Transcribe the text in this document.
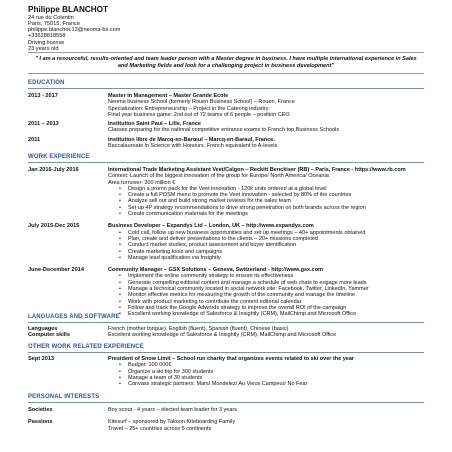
Philippe BLANCHOT
24 rue du Colentin
Paris, 75015, France
philippe.blanchot.13@neoma-bs.com
+33628818558
Driving license
23 years old
" I am a resourceful, results-oriented and team leader person with a Master degree in business. I have multiple international experience in Sales and Marketing fields and look for a challenging project in business development"
EDUCATION
2013 - 2017	Master in Management – Master Grande Ecole
Neoma business School (formerly Rouen Business School) – Rouen, France
Specialization: Entrepreneurship – Project in the Catering industry
Final year business game: 2nd out of 72 teams of 6 people – position CEO
2011 – 2013	Institution Saint Paul – Lille, France
Classes preparing for the national competitive entrance exams to French top Business Schools
2011	Institution libre de Marcq-en-Barœul – Marcq-en-Baraul, France.
Baccalaureate in Science with Honours. French equivalent to A-levels
WORK EXPERIENCE
Jan 2016-July 2016	International Trade Marketing Assistant Veet/Calgon – Reckitt Benckiser (RB) – Paris, France - https://www.rb.com
Context: Launch of the biggest innovation of the group for Europe/ North America/ Oceania
Area turnover: 300 million €
• Design a promo pack for the Veet innovation - 120k units ordered at a global level
• Create a full POSM menu to promote the Veet innovation - selected by 80% of the countries
• Analyze sell out and build strong market reviews for the sales team
• Set up 4P strategy recommendations to drive strong penetration on both brands across the region
• Create communication materials for the meetings
July 2015-Dec 2015	Business Developer – Expandys Ltd – London, UK – http://www.expandys.com
• Cold call, follow up new business opportunities and set up meetings – 40+ appointments obtained
• Plan, create and deliver presentations to the clients – 20+ missions completed
• Conduct market studies, product assessment and buyer identification
• Create marketing tools and campaigns
• Manage lead qualification via Insightly
June-December 2014	Community Manager – GSX Solutions – Geneva, Switzerland - http://www.gsx.com
• Implement the online community strategy to ensure its effectiveness
• Generate compelling editorial content and manage a schedule of web chats to engage more leads
• Manage a technical community located in social network site: Facebook, Twitter, LinkedIn, Yammer
• Monitor effective metrics for measuring the growth of the community and manage the timeline
• Work with product marketing to contribute the content editorial calendar
• Follow and track the Google Adwords strategy to improve the overall ROI of the campaign
• Excellent working knowledge of Salesforce & Insightly (CRM), MailChimp and Microsoft Office
LANGUAGES AND SOFTWARE
Languages	French (mother tongue), English (fluent), Spanish (fluent), Chinese (basic)
Computer skills	Excellent working knowledge of Salesforce & Insightly (CRM), MailChimp and Microsoft Office
OTHER WORK RELATED EXPERIENCE
Sept 2013	President of Snow Limit – School run charity that organizes events related to ski over the year
• Budget: 100 000€
• Organize a ski trip for 300 students
• Manage a team of 30 students
• Canvass strategic partners: Mars/ Mondelez/ Au Vieux Campeur/ No Fear
PERSONAL INTERESTS
Societies	Boy scout - 4 years – elected team leader for 3 years
Passions	Kitesurf – sponsored by Takoon Kiteboarding Family
Travel – 25+ countries across 5 continents
